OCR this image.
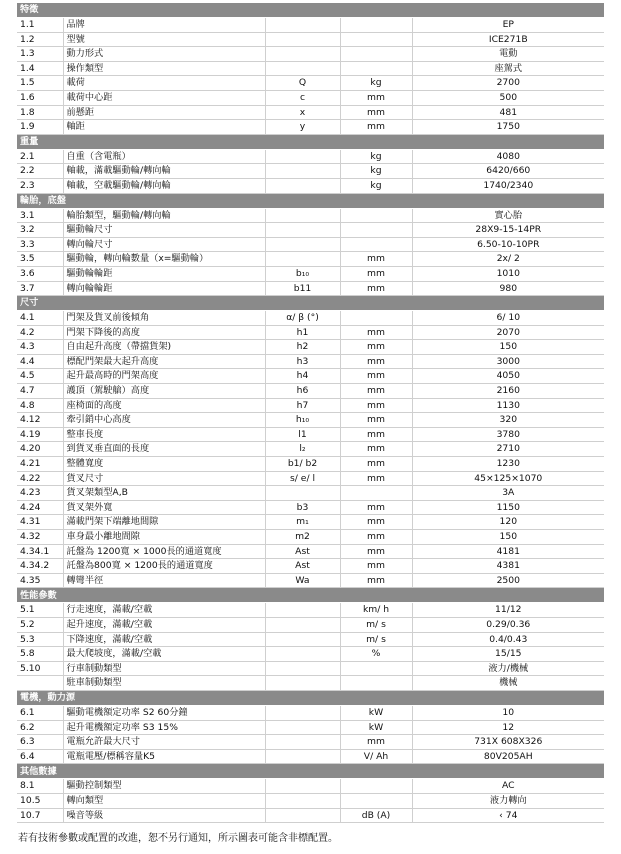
特徵				
1.1	品牌			EP
1.2	型號			ICE271B
1.3	動力形式			電動
1.4	操作類型			座駕式
1.5	載荷	Q	kg	2700
1.6	載荷中心距	c	mm	500
1.8	前懸距	x	mm	481
1.9	軸距	y	mm	1750
重量				
2.1	自重（含電瓶）		kg	4080
2.2	軸載，滿載驅動輪/轉向輪		kg	6420/660
2.3	軸載，空載驅動輪/轉向輪		kg	1740/2340
輪胎，底盤				
3.1	輪胎類型，驅動輪/轉向輪			實心胎
3.2	驅動輪尺寸			28X9-15-14PR
3.3	轉向輪尺寸			6.50-10-10PR
3.5	驅動輪，轉向輪數量（x=驅動輪）		mm	2x/ 2
3.6	驅動輪輪距	b₁₀	mm	1010
3.7	轉向輪輪距	b11	mm	980
尺寸				
4.1	門架及貨叉前後傾角	α/ β (°)		6/ 10
4.2	門架下降後的高度	h1	mm	2070
4.3	自由起升高度（帶擋貨架)	h2	mm	150
4.4	標配門架最大起升高度	h3	mm	3000
4.5	起升最高時的門架高度	h4	mm	4050
4.7	護頂（駕駛艙）高度	h6	mm	2160
4.8	座椅面的高度	h7	mm	1130
4.12	牽引銷中心高度	h₁₀	mm	320
4.19	整車長度	l1	mm	3780
4.20	到貨叉垂直面的長度	l₂	mm	2710
4.21	整體寬度	b1/ b2	mm	1230
4.22	貨叉尺寸	s/ e/ l	mm	45×125×1070
4.23	貨叉架類型A,B			3A
4.24	貨叉架外寬	b3	mm	1150
4.31	滿載門架下端離地間隙	m₁	mm	120
4.32	車身最小離地間隙	m2	mm	150
4.34.1	託盤為 1200寬 × 1000長的通道寬度	Ast	mm	4181
4.34.2	託盤為800寬 × 1200長的通道寬度	Ast	mm	4381
4.35	轉彎半徑	Wa	mm	2500
性能參數				
5.1	行走速度，滿載/空載		km/ h	11/12
5.2	起升速度，滿載/空載		m/ s	0.29/0.36
5.3	下降速度，滿載/空載		m/ s	0.4/0.43
5.8	最大爬坡度，滿載/空載		%	15/15
5.10	行車制動類型			液力/機械
	駐車制動類型			機械
電機，動力源				
6.1	驅動電機額定功率 S2 60分鐘		kW	10
6.2	起升電機額定功率 S3 15%		kW	12
6.3	電瓶允許最大尺寸		mm	731X 608X326
6.4	電瓶電壓/標稱容量K5		V/ Ah	80V205AH
其他數據				
8.1	驅動控制類型			AC
10.5	轉向類型			液力轉向
10.7	噪音等級		dB (A)	‹ 74
若有技術參數或配置的改進，恕不另行通知，所示圖表可能含非標配置。
